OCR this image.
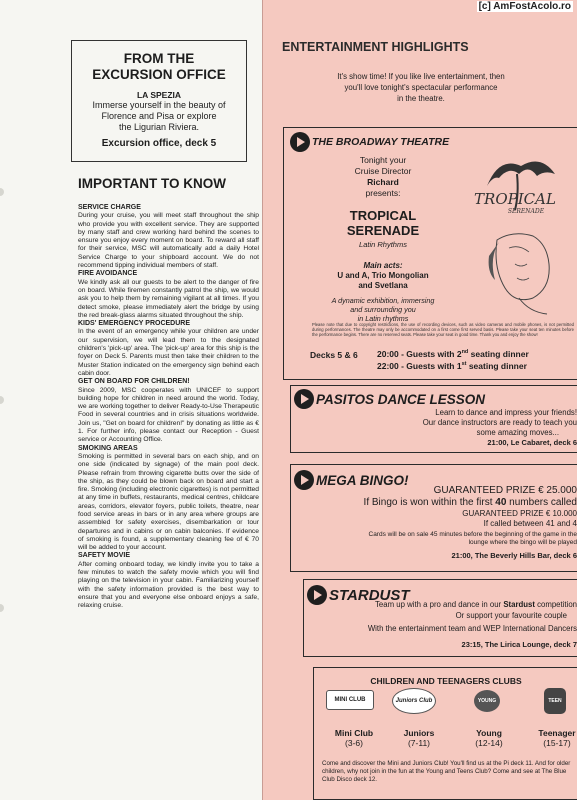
[c] AmFostAcolo.ro
FROM THE
EXCURSION OFFICE
LA SPEZIA
Immerse yourself in the beauty of
Florence and Pisa or explore
the Ligurian Riviera.
Excursion office, deck 5
IMPORTANT TO KNOW
SERVICE CHARGE
During your cruise, you will meet staff throughout the ship who provide you with excellent service. They are supported by many staff and crew working hard behind the scenes to ensure you enjoy every moment on board. To reward all staff for their service, MSC will automatically add a daily Hotel Service Charge to your shipboard account. We do not recommend tipping individual members of staff.
FIRE AVOIDANCE
We kindly ask all our guests to be alert to the danger of fire on board. While firemen constantly patrol the ship, we would ask you to help them by remaining vigilant at all times. If you detect smoke, please immediately alert the bridge by using the red break-glass alarms situated throughout the ship.
KIDS' EMERGENCY PROCEDURE
In the event of an emergency while your children are under our supervision, we will lead them to the designated children's 'pick-up' area. The 'pick-up' area for this ship is the foyer on Deck 5. Parents must then take their children to the Muster Station indicated on the emergency sign behind each cabin door.
GET ON BOARD FOR CHILDREN!
Since 2009, MSC cooperates with UNICEF to support building hope for children in need around the world. Today, we are working together to deliver Ready-to-Use Therapeutic Food in several countries and in crisis situations worldwide. Join us, "Get on board for children!" by donating as little as € 1. For further info, please contact our Reception - Guest service or Accounting Office.
SMOKING AREAS
Smoking is permitted in several bars on each ship, and on one side (indicated by signage) of the main pool deck. Please refrain from throwing cigarette butts over the side of the ship, as they could be blown back on board and start a fire. Smoking (including electronic cigarettes) is not permitted at any time in buffets, restaurants, medical centres, childcare areas, corridors, elevator foyers, public toilets, theatre, near food service areas in bars or in any area where groups are assembled for safety exercises, disembarkation or tour departures and in cabins or on cabin balconies. If evidence of smoking is found, a supplementary cleaning fee of € 70 will be added to your account.
SAFETY MOVIE
After coming onboard today, we kindly invite you to take a few minutes to watch the safety movie which you will find playing on the television in your cabin. Familiarizing yourself with the safety information provided is the best way to ensure that you and everyone else onboard enjoys a safe, relaxing cruise.
ENTERTAINMENT HIGHLIGHTS
It's show time! If you like live entertainment, then
you'll love tonight's spectacular performance
in the theatre.
THE BROADWAY THEATRE
Tonight your
Cruise Director
Richard
presents:
TROPICAL
SERENADE
Latin Rhythms
Main acts:
U and A, Trio Mongolian
and Svetlana
A dynamic exhibition, immersing
and surrounding you
in Latin rhythms
TROPICAL
SERENADE
Please note that due to copyright restrictions, the use of recording devices, such as video cameras and mobile phones, is not permitted during performances. The theatre may only be accommodated on a first come first served basis. Please take your seat ten minutes before the performance begins. There are no reserved seats. Please take your seat in good time. Thank you and enjoy the show!
Decks 5 & 6 20:00 - Guests with 2nd seating dinner
22:00 - Guests with 1st seating dinner
PASITOS DANCE LESSON
Learn to dance and impress your friends!
Our dance instructors are ready to teach you
some amazing moves...
21:00, Le Cabaret, deck 6
MEGA BINGO!
GUARANTEED PRIZE € 25.000
If Bingo is won within the first 40 numbers called
GUARANTEED PRIZE € 10.000
If called between 41 and 4
Cards will be on sale 45 minutes before the beginning of the game in the
lounge where the bingo will be played
21:00, The Beverly Hills Bar, deck 6
STARDUST
Team up with a pro and dance in our Stardust competition
Or support your favourite couple
With the entertainment team and WEP International Dancers
23:15, The Lirica Lounge, deck 7
CHILDREN AND TEENAGERS CLUBS
MINI CLUB	Juniors Club	YOUNG	TEEN
Mini Club
(3-6)
Juniors
(7-11)
Young
(12-14)
Teenager
(15-17)
Come and discover the Mini and Juniors Club! You'll find us at the Pi deck 11. And for older children, why not join in the fun at the Young and Teens Club? Come and see at The Blue Club Disco deck 12.
